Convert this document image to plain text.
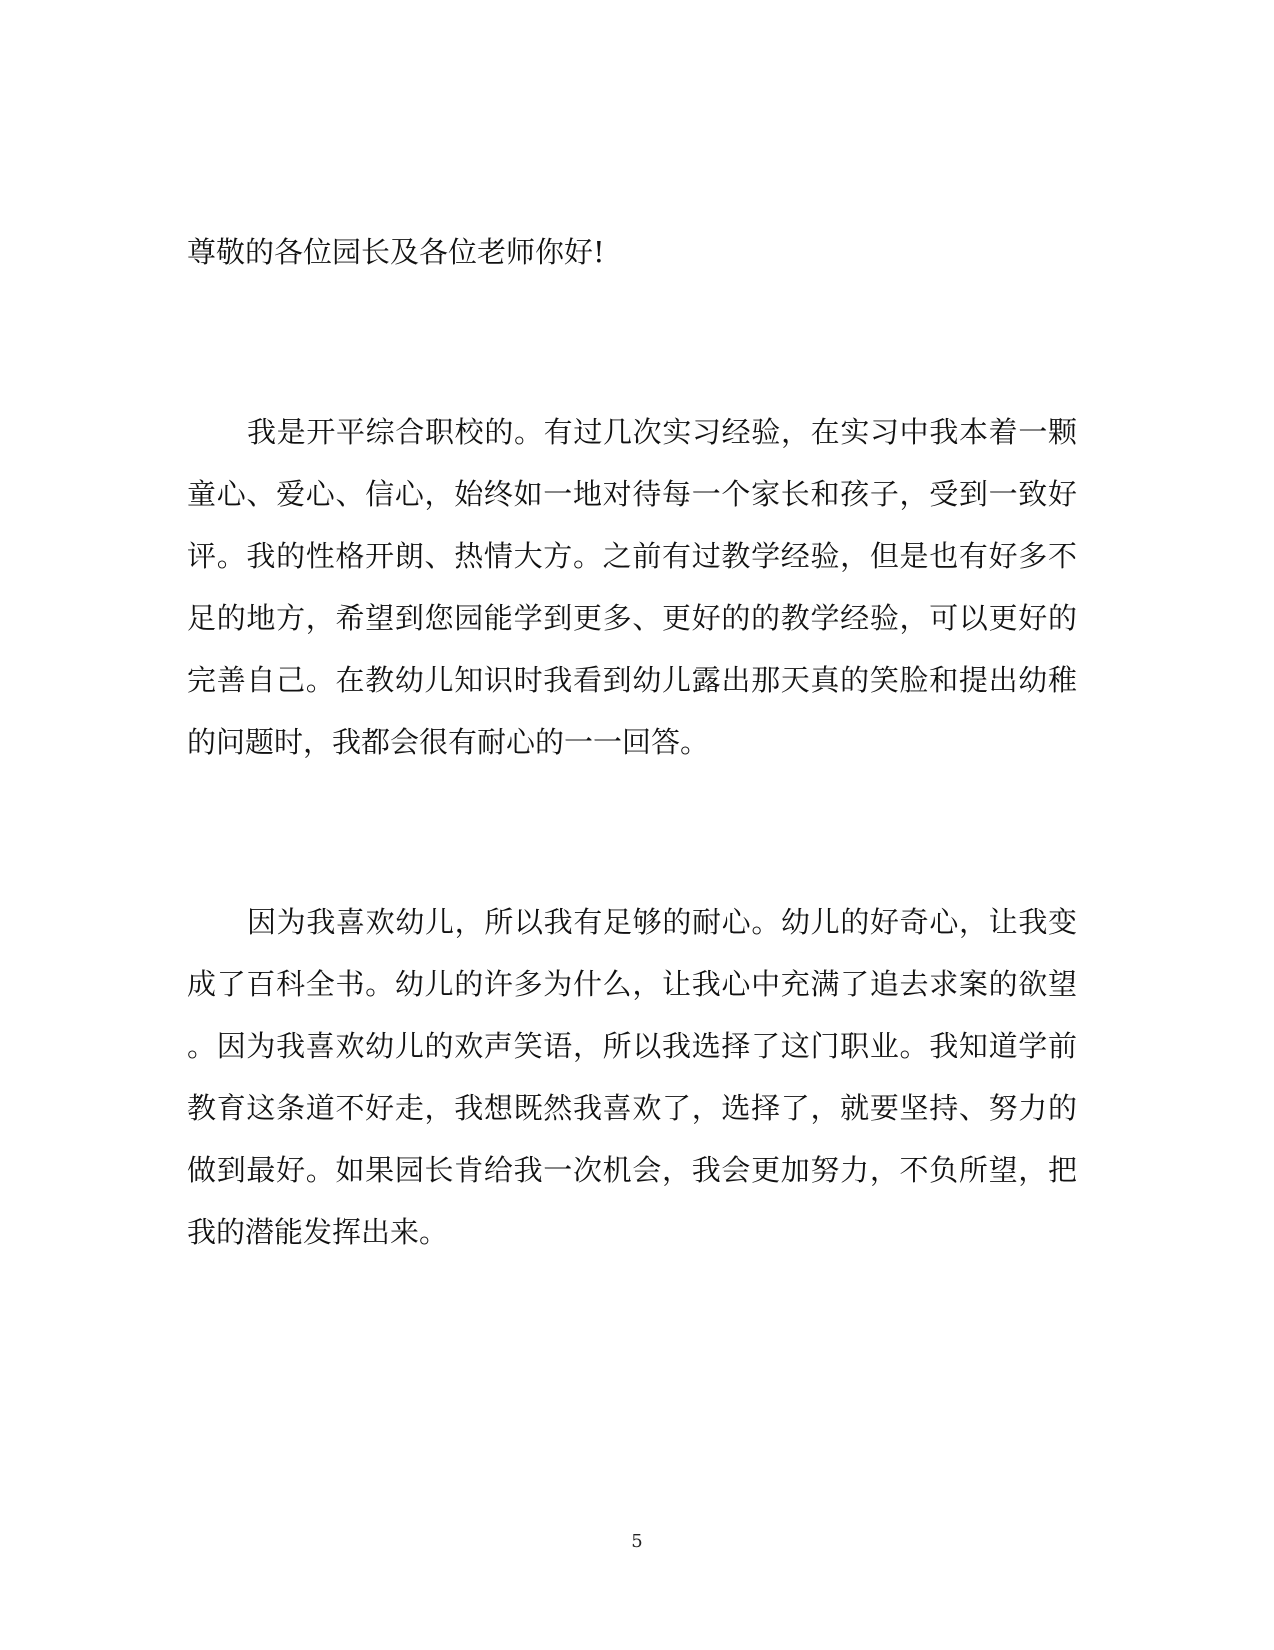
尊敬的各位园长及各位老师你好!
我是开平综合职校的。有过几次实习经验，在实习中我本着一颗
童心、爱心、信心，始终如一地对待每一个家长和孩子，受到一致好
评。我的性格开朗、热情大方。之前有过教学经验，但是也有好多不
足的地方，希望到您园能学到更多、更好的的教学经验，可以更好的
完善自己。在教幼儿知识时我看到幼儿露出那天真的笑脸和提出幼稚
的问题时，我都会很有耐心的一一回答。
因为我喜欢幼儿，所以我有足够的耐心。幼儿的好奇心，让我变
成了百科全书。幼儿的许多为什么，让我心中充满了追去求案的欲望
。因为我喜欢幼儿的欢声笑语，所以我选择了这门职业。我知道学前
教育这条道不好走，我想既然我喜欢了，选择了，就要坚持、努力的
做到最好。如果园长肯给我一次机会，我会更加努力，不负所望，把
我的潜能发挥出来。
5
